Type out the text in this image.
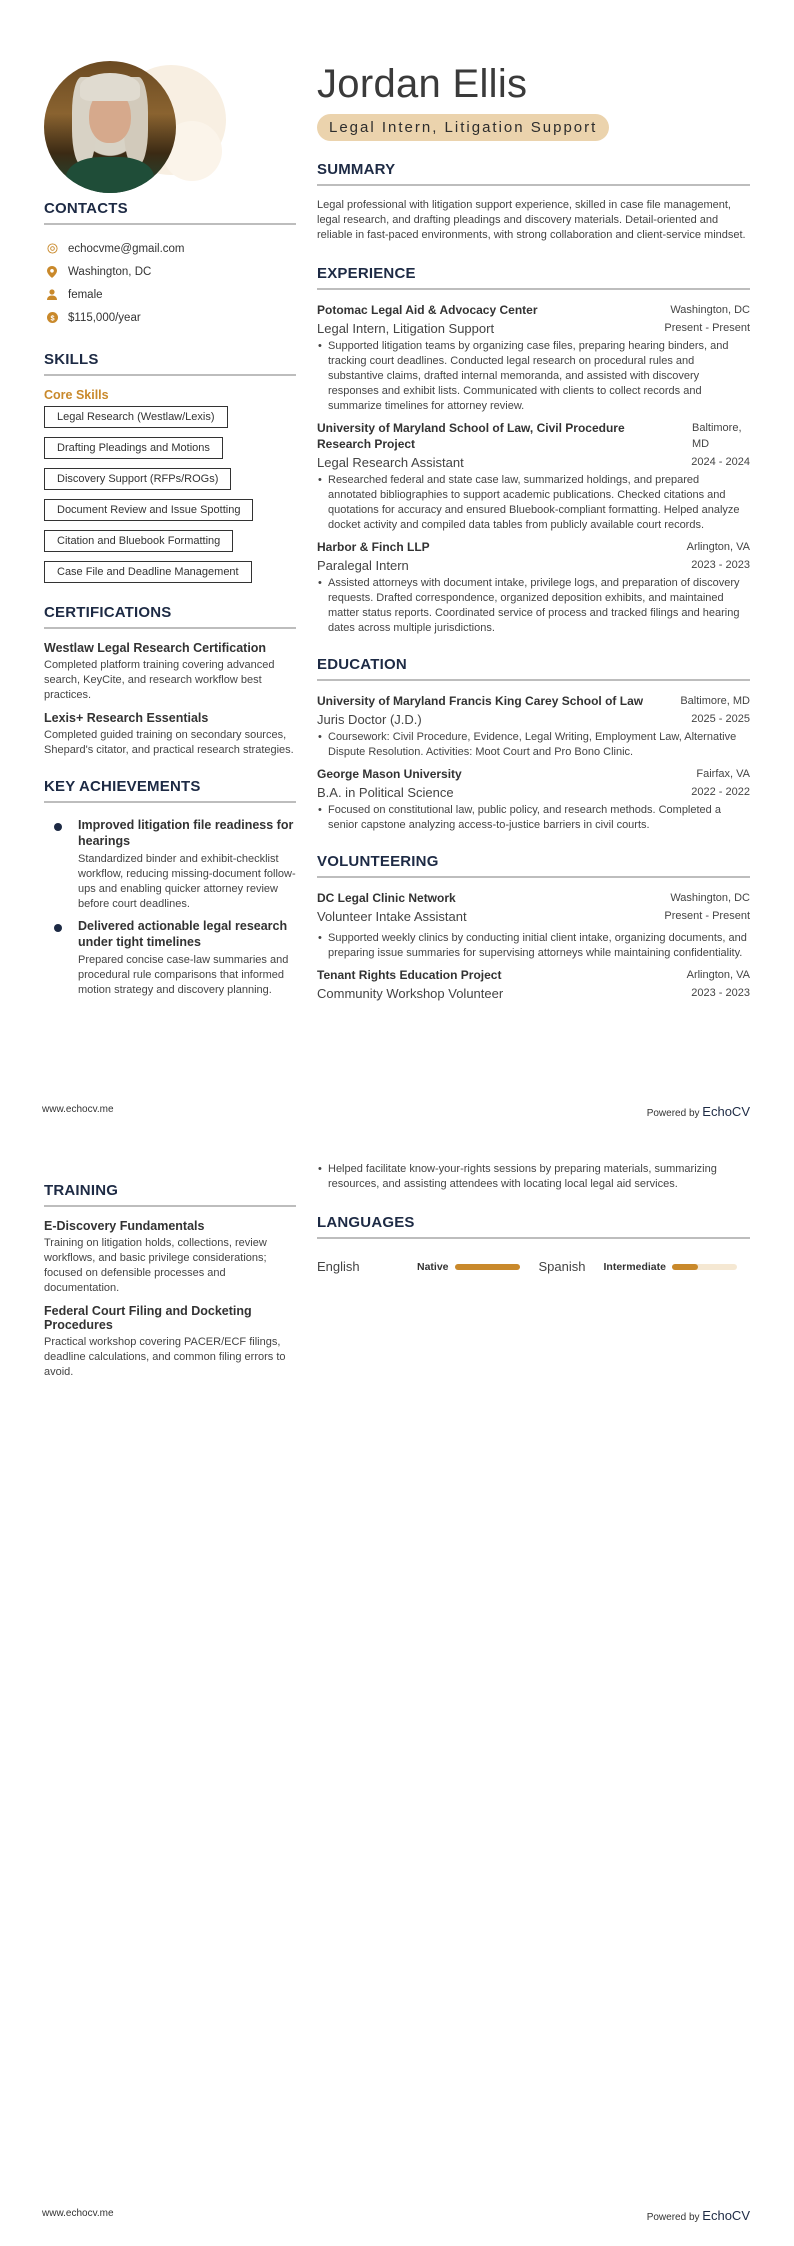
CONTACTS
echocvme@gmail.com
Washington, DC
female
$ $115,000/year
SKILLS
Core Skills
Legal Research (Westlaw/Lexis)
Drafting Pleadings and Motions
Discovery Support (RFPs/ROGs)
Document Review and Issue Spotting
Citation and Bluebook Formatting
Case File and Deadline Management
CERTIFICATIONS
Westlaw Legal Research Certification
Completed platform training covering advanced search, KeyCite, and research workflow best practices.
Lexis+ Research Essentials
Completed guided training on secondary sources, Shepard's citator, and practical research strategies.
KEY ACHIEVEMENTS
Improved litigation file readiness for hearings
Standardized binder and exhibit-checklist workflow, reducing missing-document follow-ups and enabling quicker attorney review before court deadlines.
Delivered actionable legal research under tight timelines
Prepared concise case-law summaries and procedural rule comparisons that informed motion strategy and discovery planning.
Jordan Ellis
Legal Intern, Litigation Support
SUMMARY
Legal professional with litigation support experience, skilled in case file management, legal research, and drafting pleadings and discovery materials. Detail-oriented and reliable in fast-paced environments, with strong collaboration and client-service mindset.
EXPERIENCE
Potomac Legal Aid & Advocacy Center	Washington, DC
Legal Intern, Litigation Support	Present - Present
• Supported litigation teams by organizing case files, preparing hearing binders, and tracking court deadlines. Conducted legal research on procedural rules and substantive claims, drafted internal memoranda, and assisted with discovery responses and exhibit lists. Communicated with clients to collect records and summarize timelines for attorney review.
University of Maryland School of Law, Civil Procedure Research Project
Baltimore, MD
Legal Research Assistant	2024 - 2024
• Researched federal and state case law, summarized holdings, and prepared annotated bibliographies to support academic publications. Checked citations and quotations for accuracy and ensured Bluebook-compliant formatting. Helped analyze docket activity and compiled data tables from publicly available court records.
Harbor & Finch LLP	Arlington, VA
Paralegal Intern	2023 - 2023
• Assisted attorneys with document intake, privilege logs, and preparation of discovery requests. Drafted correspondence, organized deposition exhibits, and maintained matter status reports. Coordinated service of process and tracked filings and hearing dates across multiple jurisdictions.
EDUCATION
University of Maryland Francis King Carey School of Law	Baltimore, MD
Juris Doctor (J.D.)	2025 - 2025
• Coursework: Civil Procedure, Evidence, Legal Writing, Employment Law, Alternative Dispute Resolution. Activities: Moot Court and Pro Bono Clinic.
George Mason University	Fairfax, VA
B.A. in Political Science	2022 - 2022
• Focused on constitutional law, public policy, and research methods. Completed a senior capstone analyzing access-to-justice barriers in civil courts.
VOLUNTEERING
DC Legal Clinic Network	Washington, DC
Volunteer Intake Assistant	Present - Present
• Supported weekly clinics by conducting initial client intake, organizing documents, and preparing issue summaries for supervising attorneys while maintaining confidentiality.
Tenant Rights Education Project	Arlington, VA
Community Workshop Volunteer	2023 - 2023
www.echocv.me	Powered by EchoCV
TRAINING
E-Discovery Fundamentals
Training on litigation holds, collections, review workflows, and basic privilege considerations; focused on defensible processes and documentation.
Federal Court Filing and Docketing Procedures
Practical workshop covering PACER/ECF filings, deadline calculations, and common filing errors to avoid.
• Helped facilitate know-your-rights sessions by preparing materials, summarizing resources, and assisting attendees with locating local legal aid services.
LANGUAGES
English	Native	Spanish	Intermediate
www.echocv.me	Powered by EchoCV
